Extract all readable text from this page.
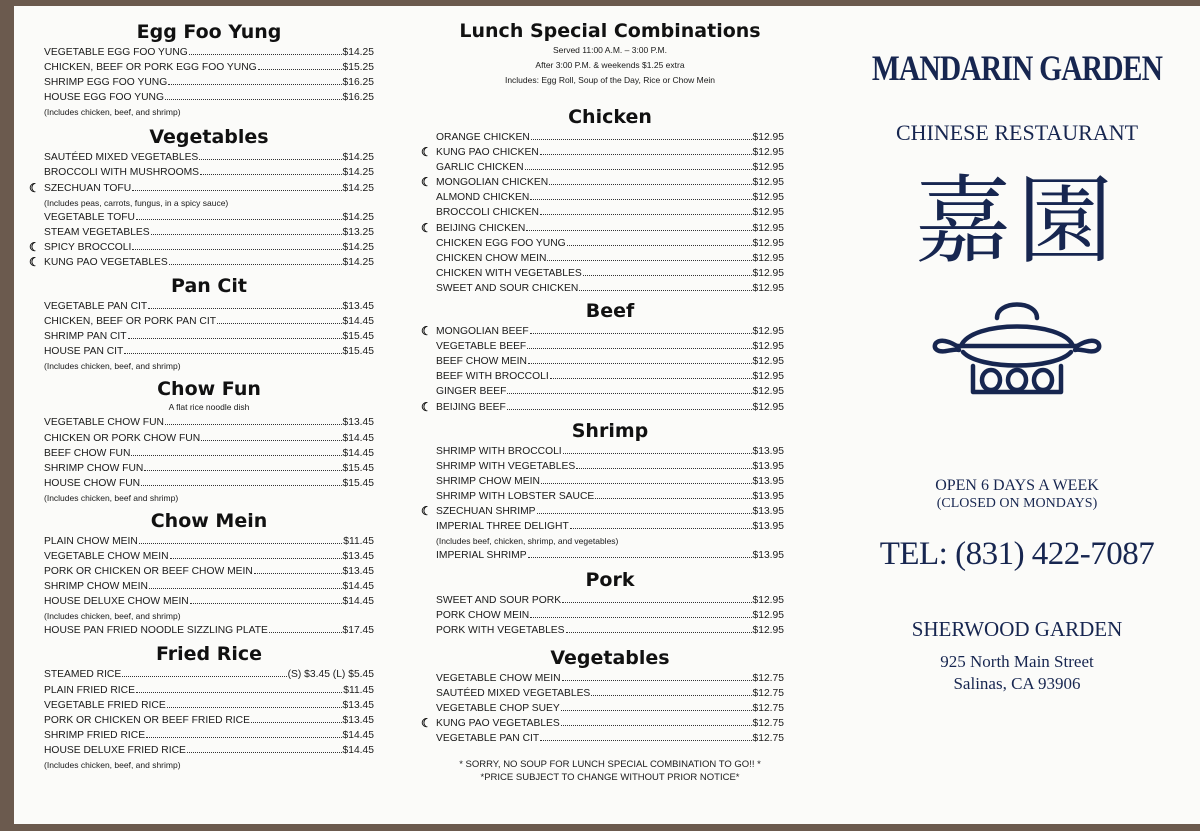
Egg Foo Yung
VEGETABLE EGG FOO YUNG	$14.25
CHICKEN, BEEF OR PORK EGG FOO YUNG	$15.25
SHRIMP EGG FOO YUNG	$16.25
HOUSE EGG FOO YUNG	$16.25
(Includes chicken, beef, and shrimp)
Vegetables
SAUTÉED MIXED VEGETABLES	$14.25
BROCCOLI WITH MUSHROOMS	$14.25
☾ SZECHUAN TOFU	$14.25
(Includes peas, carrots, fungus, in a spicy sauce)
VEGETABLE TOFU	$14.25
STEAM VEGETABLES	$13.25
☾ SPICY BROCCOLI	$14.25
☾ KUNG PAO VEGETABLES	$14.25
Pan Cit
VEGETABLE PAN CIT	$13.45
CHICKEN, BEEF OR PORK PAN CIT	$14.45
SHRIMP PAN CIT	$15.45
HOUSE PAN CIT	$15.45
(Includes chicken, beef, and shrimp)
Chow Fun

A flat rice noodle dish

VEGETABLE CHOW FUN	$13.45
CHICKEN OR PORK CHOW FUN	$14.45
BEEF CHOW FUN	$14.45
SHRIMP CHOW FUN	$15.45
HOUSE CHOW FUN	$15.45
(Includes chicken, beef and shrimp)
Chow Mein
PLAIN CHOW MEIN	$11.45
VEGETABLE CHOW MEIN	$13.45
PORK OR CHICKEN OR BEEF CHOW MEIN	$13.45
SHRIMP CHOW MEIN	$14.45
HOUSE DELUXE CHOW MEIN	$14.45
(Includes chicken, beef, and shrimp)
HOUSE PAN FRIED NOODLE SIZZLING PLATE	$17.45
Fried Rice
STEAMED RICE	(S) $3.45 (L) $5.45
PLAIN FRIED RICE	$11.45
VEGETABLE FRIED RICE	$13.45
PORK OR CHICKEN OR BEEF FRIED RICE	$13.45
SHRIMP FRIED RICE	$14.45
HOUSE DELUXE FRIED RICE	$14.45
(Includes chicken, beef, and shrimp)
Lunch Special Combinations

Served 11:00 A.M. – 3:00 P.M.

After 3:00 P.M. & weekends $1.25 extra

Includes: Egg Roll, Soup of the Day, Rice or Chow Mein

Chicken
ORANGE CHICKEN	$12.95
☾ KUNG PAO CHICKEN	$12.95
GARLIC CHICKEN	$12.95
☾ MONGOLIAN CHICKEN	$12.95
ALMOND CHICKEN	$12.95
BROCCOLI CHICKEN	$12.95
☾ BEIJING CHICKEN	$12.95
CHICKEN EGG FOO YUNG	$12.95
CHICKEN CHOW MEIN	$12.95
CHICKEN WITH VEGETABLES	$12.95
SWEET AND SOUR CHICKEN	$12.95
Beef
☾ MONGOLIAN BEEF	$12.95
VEGETABLE BEEF	$12.95
BEEF CHOW MEIN	$12.95
BEEF WITH BROCCOLI	$12.95
GINGER BEEF	$12.95
☾ BEIJING BEEF	$12.95
Shrimp
SHRIMP WITH BROCCOLI	$13.95
SHRIMP WITH VEGETABLES	$13.95
SHRIMP CHOW MEIN	$13.95
SHRIMP WITH LOBSTER SAUCE	$13.95
☾ SZECHUAN SHRIMP	$13.95
IMPERIAL THREE DELIGHT	$13.95
(Includes beef, chicken, shrimp, and vegetables)
IMPERIAL SHRIMP	$13.95
Pork
SWEET AND SOUR PORK	$12.95
PORK CHOW MEIN	$12.95
PORK WITH VEGETABLES	$12.95
Vegetables
VEGETABLE CHOW MEIN	$12.75
SAUTÉED MIXED VEGETABLES	$12.75
VEGETABLE CHOP SUEY	$12.75
☾ KUNG PAO VEGETABLES	$12.75
VEGETABLE PAN CIT	$12.75
* SORRY, NO SOUP FOR LUNCH SPECIAL COMBINATION TO GO!! *
*PRICE SUBJECT TO CHANGE WITHOUT PRIOR NOTICE*
MANDARIN GARDEN
CHINESE RESTAURANT
嘉園
OPEN 6 DAYS A WEEK
(CLOSED ON MONDAYS)
TEL: (831) 422-7087
SHERWOOD GARDEN
925 North Main Street
Salinas, CA 93906
